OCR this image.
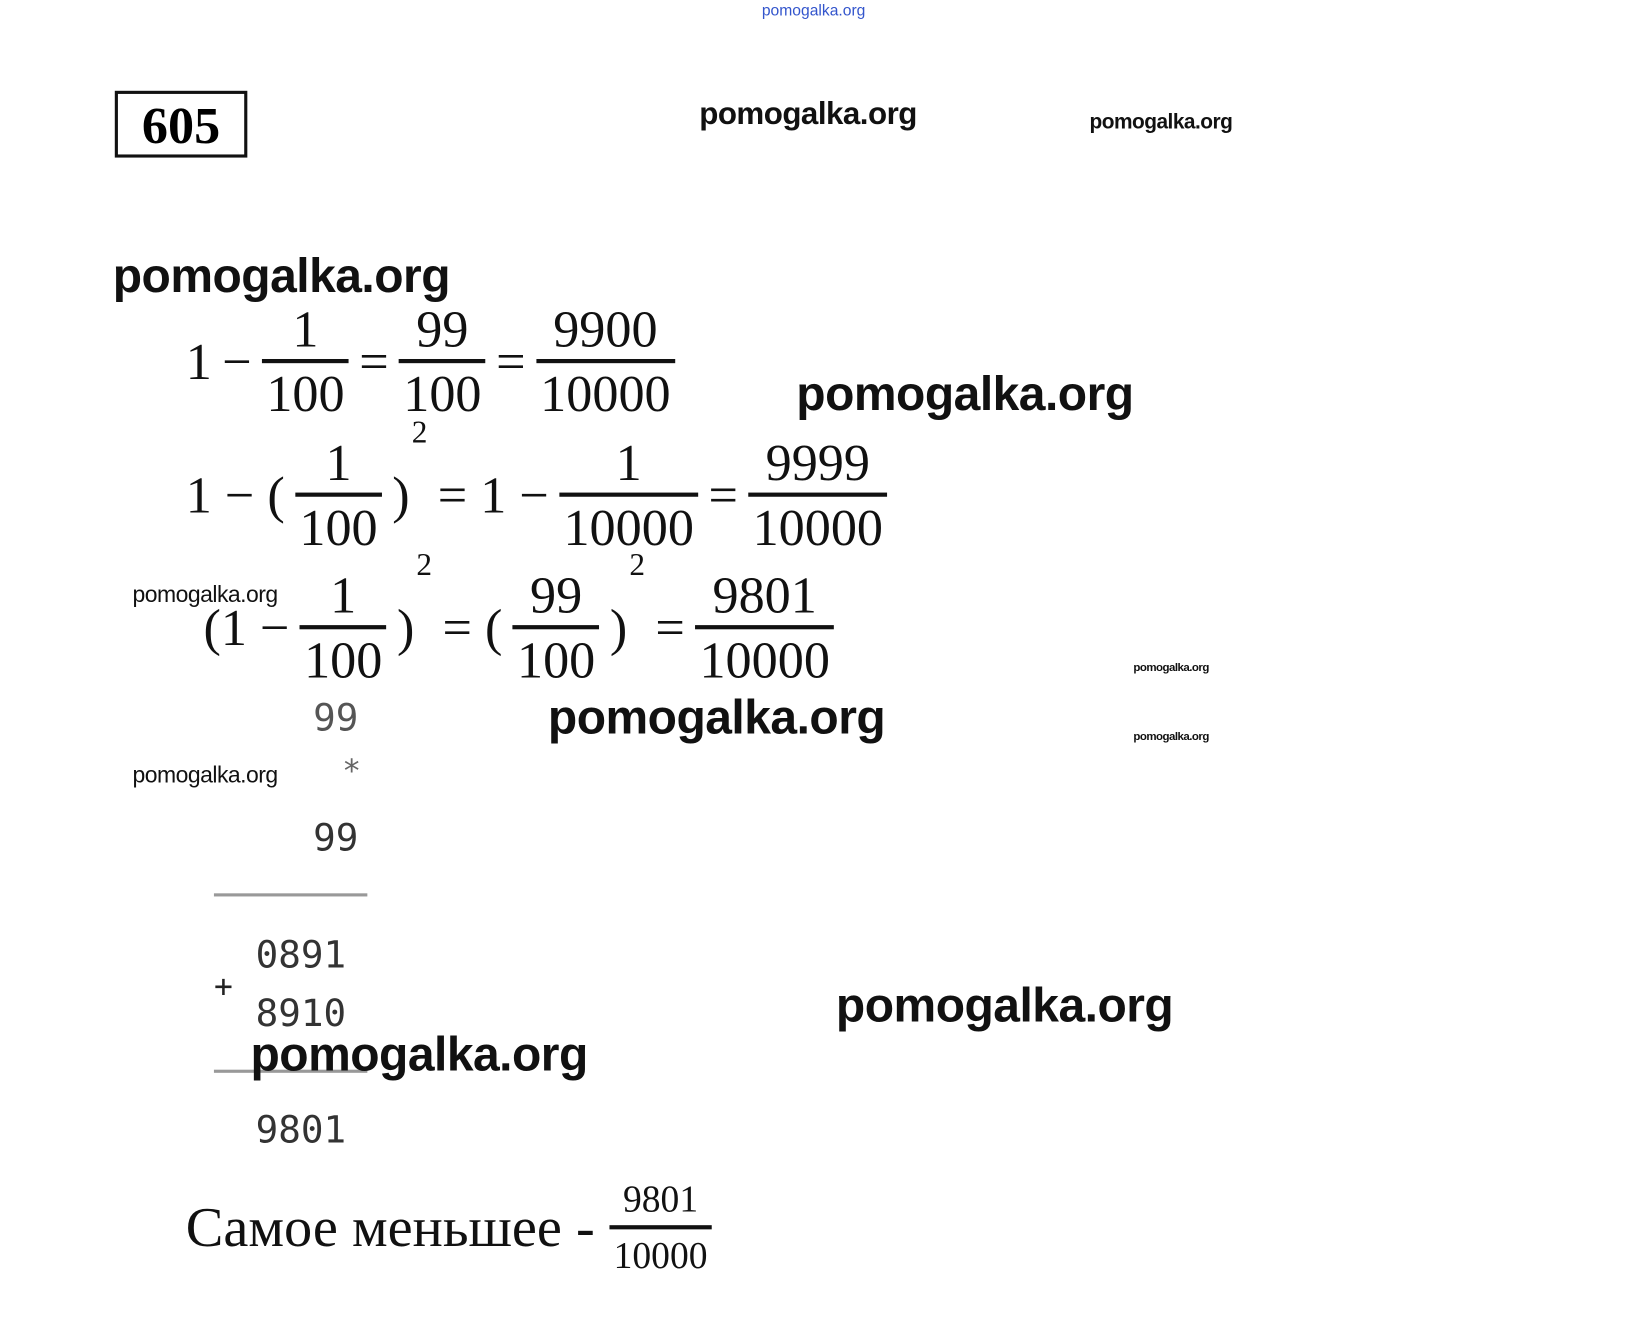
pomogalka.org
605	pomogalka.org	pomogalka.org
pomogalka.org
1 −
1
100
=
99
100
=
9900
10000	pomogalka.org
1 − (
1
100
)
2
= 1 −
1
10000
=
9999
10000
pomogalka.org
(1 −
1
100
)
2
= (
99
100
)
2
=
9801
10000	pomogalka.org
pomogalka.org	pomogalka.org
pomogalka.org
99
*
99
0891
+
8910
pomogalka.org
9801
pomogalka.org
Самое меньшее - 9801
10000
